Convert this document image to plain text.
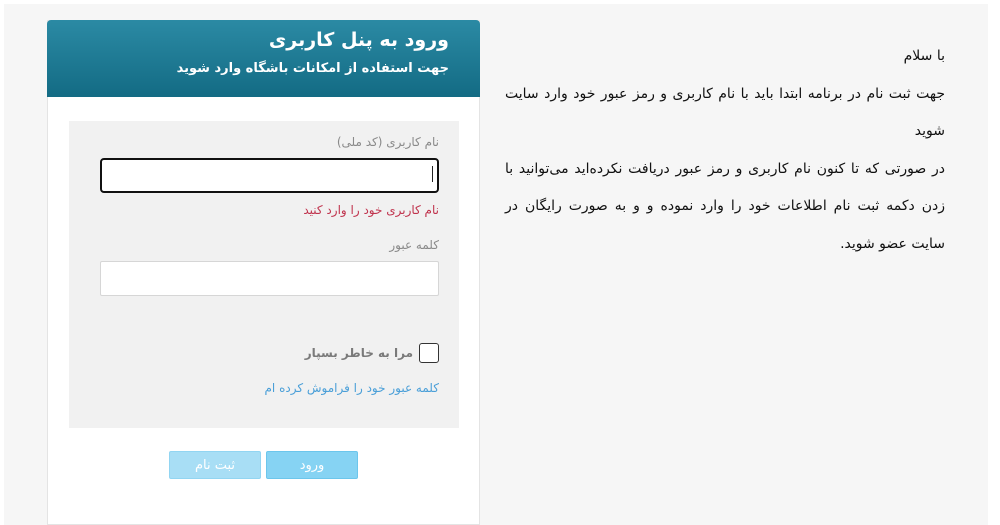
ورود به پنل کاربری
جهت استفاده از امکانات باشگاه وارد شوید
نام کاربری (کد ملی)
نام کاربری خود را وارد کنید
کلمه عبور
مرا به خاطر بسپار
کلمه عبور خود را فراموش کرده ام
ورود
ثبت نام

با سلام

جهت ثبت نام در برنامه ابتدا باید با نام کاربری و رمز عبور خود وارد سایت شوید

در صورتی که تا کنون نام کاربری و رمز عبور دریافت نکرده‌اید می‌توانید با زدن دکمه ثبت نام اطلاعات خود را وارد نموده و و به صورت رایگان در سایت عضو شوید.
